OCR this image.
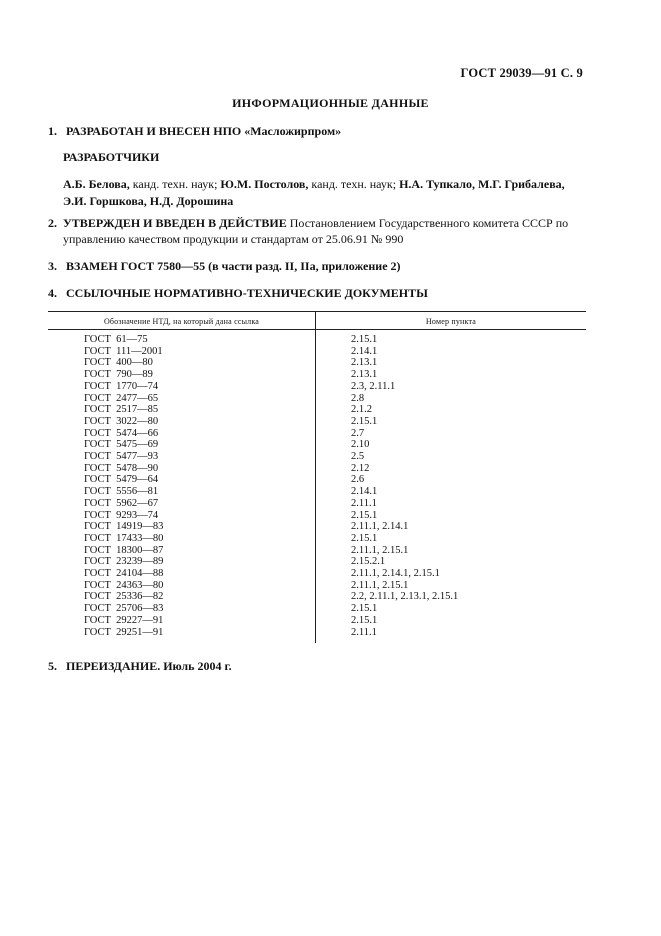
ГОСТ 29039—91 С. 9
ИНФОРМАЦИОННЫЕ ДАННЫЕ
1. РАЗРАБОТАН И ВНЕСЕН НПО «Масложирпром»
РАЗРАБОТЧИКИ
А.Б. Белова, канд. техн. наук; Ю.М. Постолов, канд. техн. наук; Н.А. Тупкало, М.Г. Грибалева,
Э.И. Горшкова, Н.Д. Дорошина
2. УТВЕРЖДЕН И ВВЕДЕН В ДЕЙСТВИЕ Постановлением Государственного комитета СССР по
управлению качеством продукции и стандартам от 25.06.91 № 990
3. ВЗАМЕН ГОСТ 7580—55 (в части разд. II, IIа, приложение 2)
4. ССЫЛОЧНЫЕ НОРМАТИВНО-ТЕХНИЧЕСКИЕ ДОКУМЕНТЫ
Обозначение НТД, на который дана ссылка	Номер пункта
ГОСТ  61—75	2.15.1
ГОСТ  111—2001	2.14.1
ГОСТ  400—80	2.13.1
ГОСТ  790—89	2.13.1
ГОСТ  1770—74	2.3, 2.11.1
ГОСТ  2477—65	2.8
ГОСТ  2517—85	2.1.2
ГОСТ  3022—80	2.15.1
ГОСТ  5474—66	2.7
ГОСТ  5475—69	2.10
ГОСТ  5477—93	2.5
ГОСТ  5478—90	2.12
ГОСТ  5479—64	2.6
ГОСТ  5556—81	2.14.1
ГОСТ  5962—67	2.11.1
ГОСТ  9293—74	2.15.1
ГОСТ  14919—83	2.11.1, 2.14.1
ГОСТ  17433—80	2.15.1
ГОСТ  18300—87	2.11.1, 2.15.1
ГОСТ  23239—89	2.15.2.1
ГОСТ  24104—88	2.11.1, 2.14.1, 2.15.1
ГОСТ  24363—80	2.11.1, 2.15.1
ГОСТ  25336—82	2.2, 2.11.1, 2.13.1, 2.15.1
ГОСТ  25706—83	2.15.1
ГОСТ  29227—91	2.15.1
ГОСТ  29251—91	2.11.1
5. ПЕРЕИЗДАНИЕ. Июль 2004 г.
